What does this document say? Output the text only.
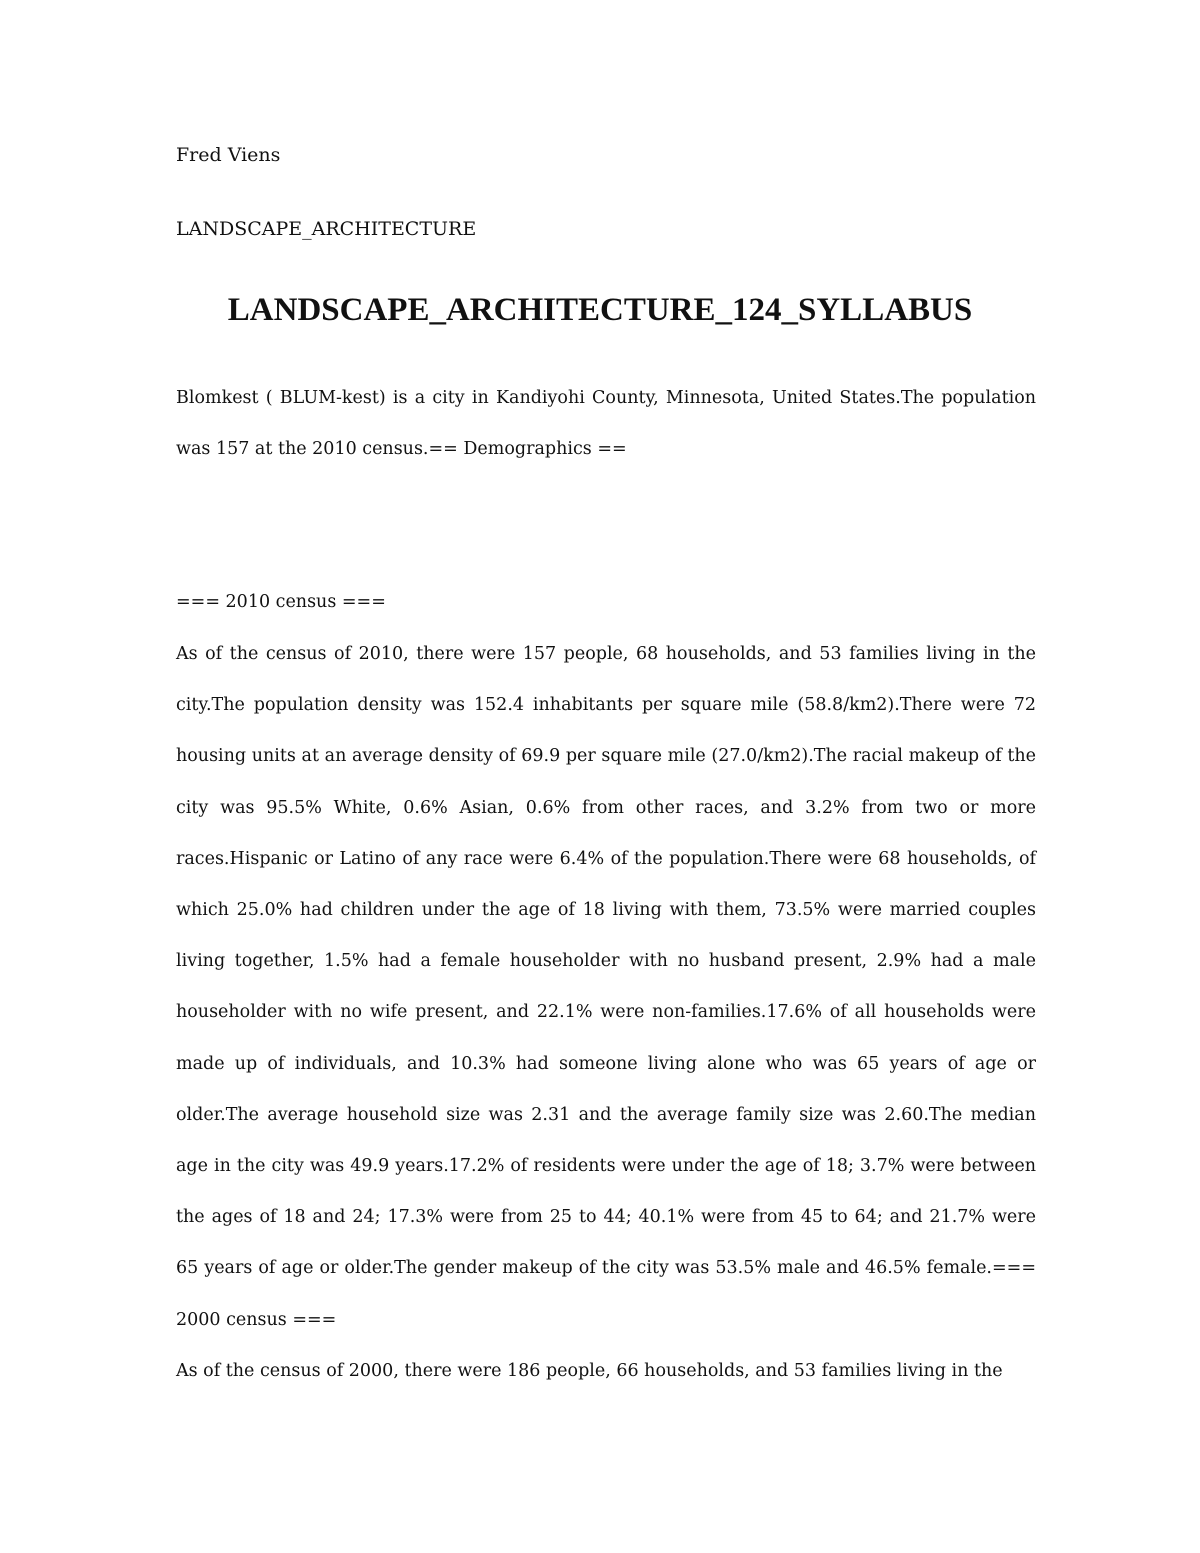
Fred Viens
LANDSCAPE_ARCHITECTURE
LANDSCAPE_ARCHITECTURE_124_SYLLABUS

Blomkest ( BLUM-kest) is a city in Kandiyohi County, Minnesota, United States.The population was 157 at the 2010 census.== Demographics ==

=== 2010 census ===
As of the census of 2010, there were 157 people, 68 households, and 53 families living in the city.The population density was 152.4 inhabitants per square mile (58.8/km2).There were 72 housing units at an average density of 69.9 per square mile (27.0/km2).The racial makeup of the city was 95.5% White, 0.6% Asian, 0.6% from other races, and 3.2% from two or more races.Hispanic or Latino of any race were 6.4% of the population.There were 68 households, of which 25.0% had children under the age of 18 living with them, 73.5% were married couples living together, 1.5% had a female householder with no husband present, 2.9% had a male householder with no wife present, and 22.1% were non-families.17.6% of all households were made up of individuals, and 10.3% had someone living alone who was 65 years of age or older.The average household size was 2.31 and the average family size was 2.60.The median age in the city was 49.9 years.17.2% of residents were under the age of 18; 3.7% were between the ages of 18 and 24; 17.3% were from 25 to 44; 40.1% were from 45 to 64; and 21.7% were 65 years of age or older.The gender makeup of the city was 53.5% male and 46.5% female.=== 2000 census ===
As of the census of 2000, there were 186 people, 66 households, and 53 families living in the
